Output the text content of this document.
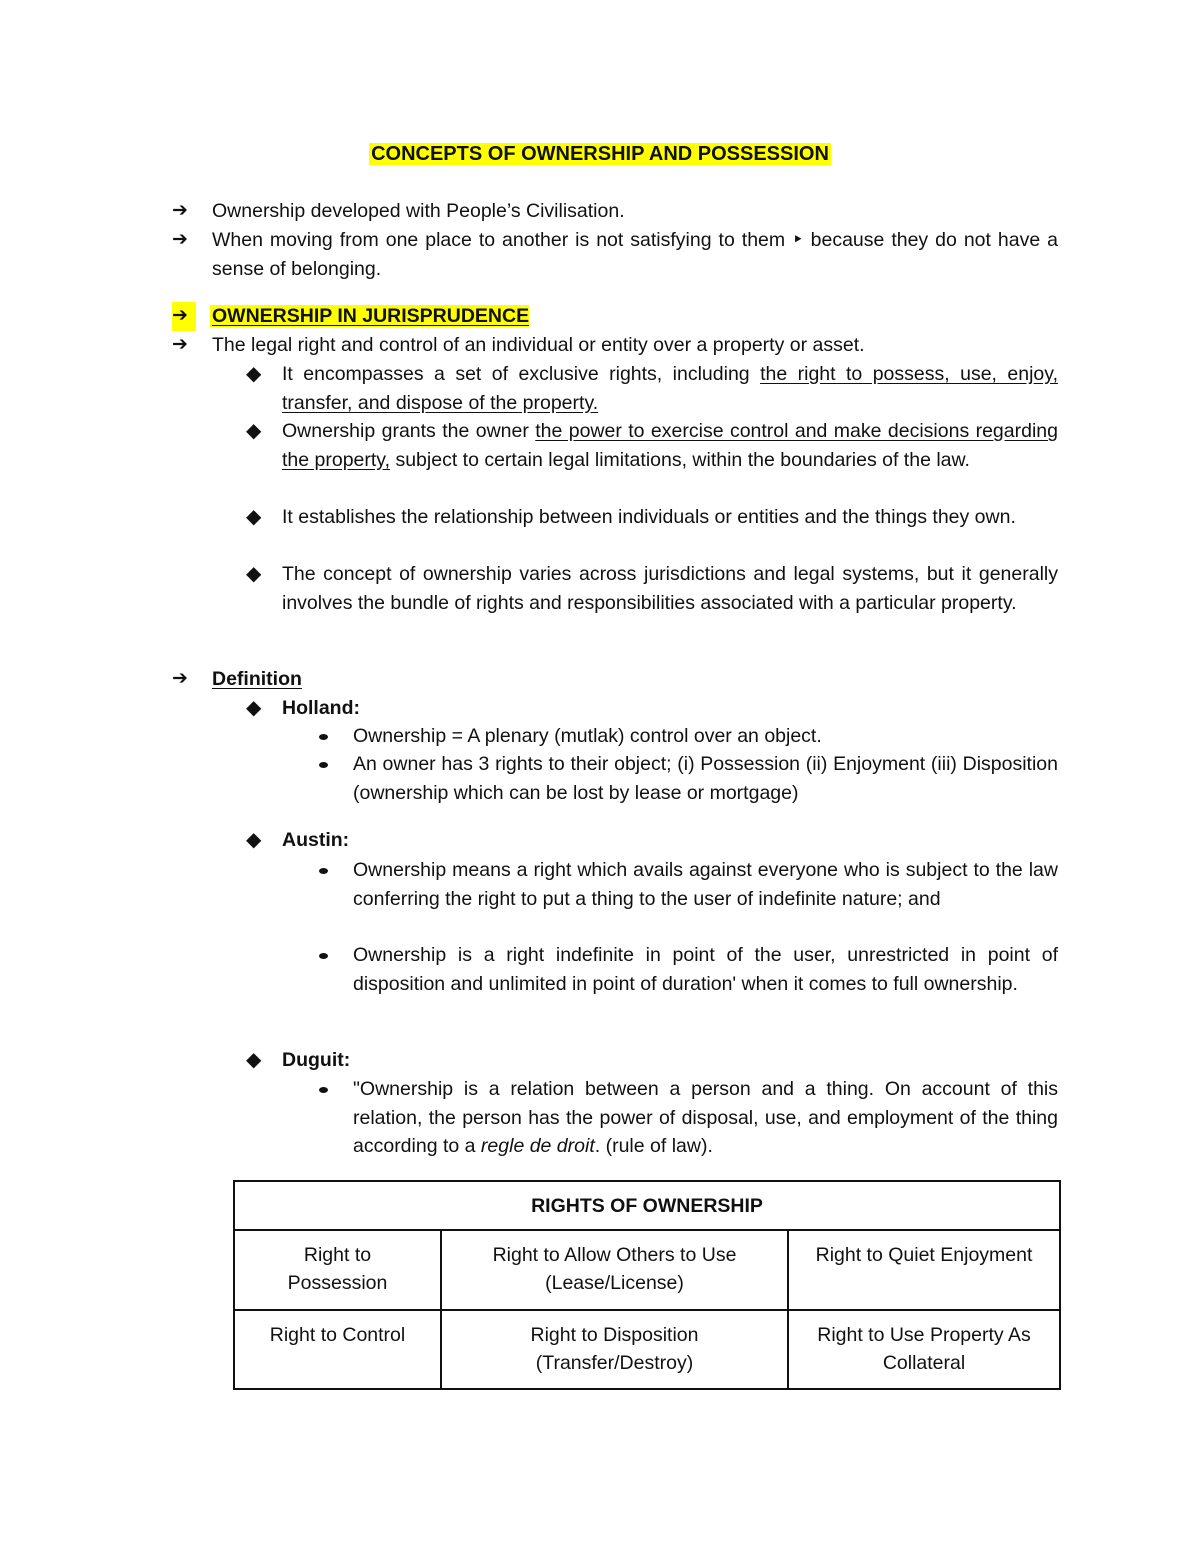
CONCEPTS OF OWNERSHIP AND POSSESSION
➔	Ownership developed with People’s Civilisation.
➔	When moving from one place to another is not satisfying to them ‣ because they do not have a sense of belonging.
➔	OWNERSHIP IN JURISPRUDENCE
➔	The legal right and control of an individual or entity over a property or asset.
◆	It encompasses a set of exclusive rights, including the right to possess, use, enjoy, transfer, and dispose of the property.
◆	Ownership grants the owner the power to exercise control and make decisions regarding the property, subject to certain legal limitations, within the boundaries of the law.
◆	It establishes the relationship between individuals or entities and the things they own.
◆	The concept of ownership varies across jurisdictions and legal systems, but it generally involves the bundle of rights and responsibilities associated with a particular property.
➔	Definition
◆	Holland:
Ownership = A plenary (mutlak) control over an object.
An owner has 3 rights to their object; (i) Possession (ii) Enjoyment (iii) Disposition (ownership which can be lost by lease or mortgage)
◆	Austin:
Ownership means a right which avails against everyone who is subject to the law conferring the right to put a thing to the user of indefinite nature; and
Ownership is a right indefinite in point of the user, unrestricted in point of disposition and unlimited in point of duration' when it comes to full ownership.
◆	Duguit:
"Ownership is a relation between a person and a thing. On account of this relation, the person has the power of disposal, use, and employment of the thing according to a regle de droit. (rule of law).
RIGHTS OF OWNERSHIP		
Right to Possession	Right to Allow Others to Use (Lease/License)	Right to Quiet Enjoyment
Right to Control	Right to Disposition (Transfer/Destroy)	Right to Use Property As Collateral
